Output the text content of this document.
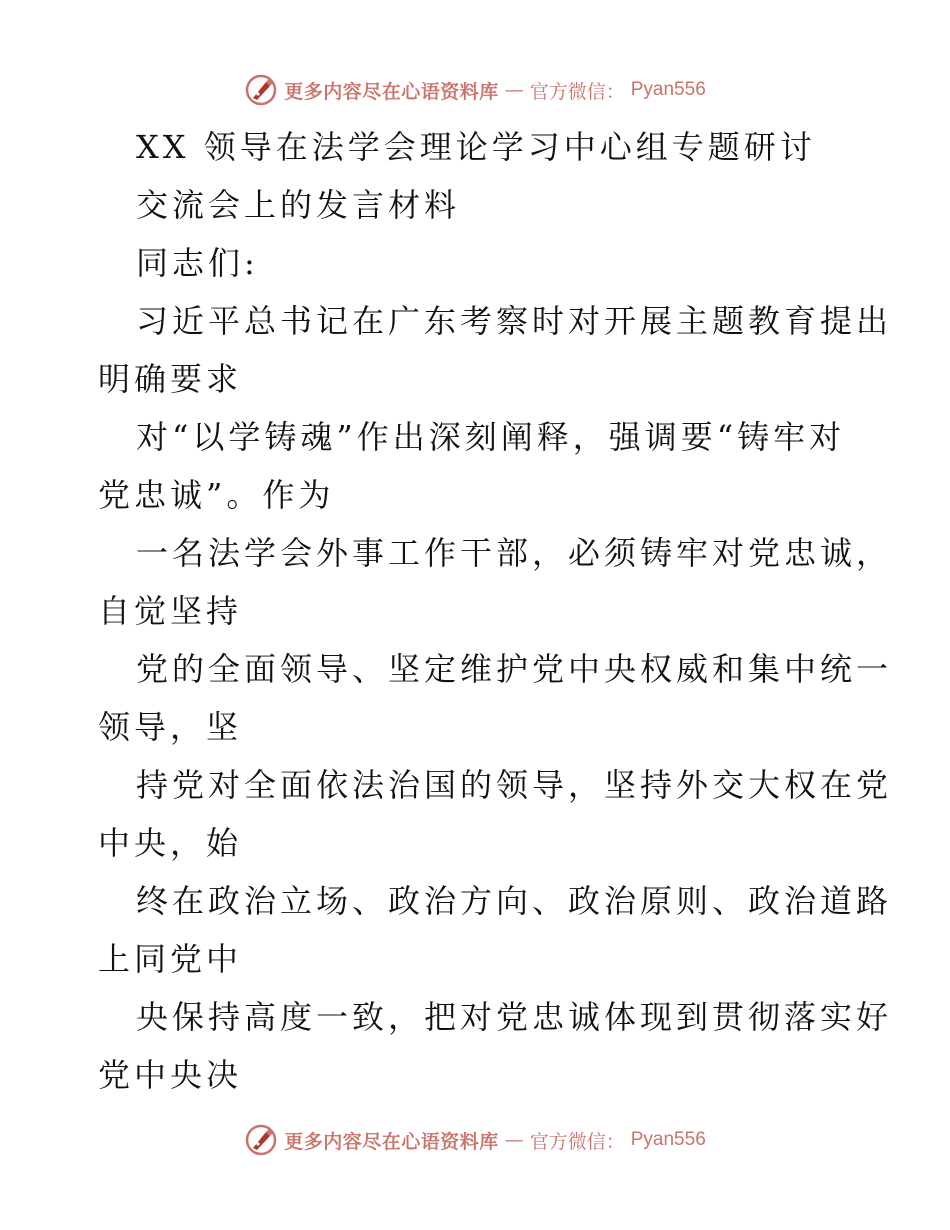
更多内容尽在心语资料库 — 官方微信： Pyan556
XX 领导在法学会理论学习中心组专题研讨
交流会上的发言材料
同志们:
习近平总书记在广东考察时对开展主题教育提出
明确要求
对“以学铸魂”作出深刻阐释，强调要“铸牢对
党忠诚”。作为
一名法学会外事工作干部，必须铸牢对党忠诚，
自觉坚持
党的全面领导、坚定维护党中央权威和集中统一
领导，坚
持党对全面依法治国的领导，坚持外交大权在党
中央，始
终在政治立场、政治方向、政治原则、政治道路
上同党中
央保持高度一致，把对党忠诚体现到贯彻落实好
党中央决
更多内容尽在心语资料库 — 官方微信： Pyan556
